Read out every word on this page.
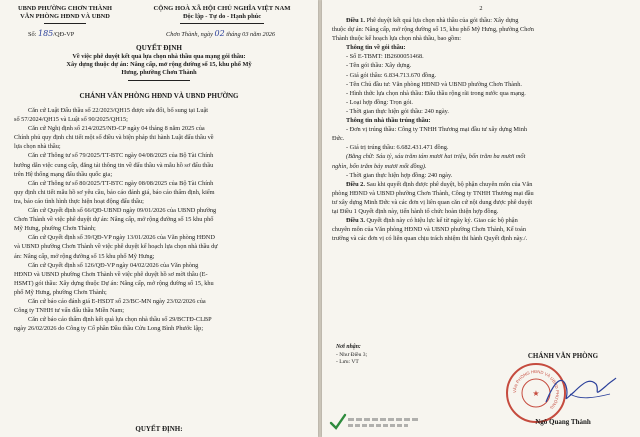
UBND PHƯỜNG CHƠN THÀNH
VĂN PHÒNG HĐND VÀ UBND
CỘNG HOÀ XÃ HỘI CHỦ NGHĨA VIỆT NAM
Độc lập - Tự do - Hạnh phúc
Số: 185/QĐ-VP	Chơn Thành, ngày 02 tháng 03 năm 2026
QUYẾT ĐỊNH
Về việc phê duyệt kết quả lựa chọn nhà thầu qua mạng gói thầu:
Xây dựng thuộc dự án: Nâng cấp, mở rộng đường số 15, khu phố Mỹ
Hưng, phường Chơn Thành
CHÁNH VĂN PHÒNG HĐND VÀ UBND PHƯỜNG
Căn cứ Luật Đấu thầu số 22/2023/QH15 được sửa đổi, bổ sung tại Luật
số 57/2024/QH15 và Luật số 90/2025/QH15;
Căn cứ Nghị định số 214/2025/NĐ-CP ngày 04 tháng 8 năm 2025 của
Chính phủ quy định chi tiết một số điều và biện pháp thi hành Luật đấu thầu về
lựa chọn nhà thầu;
Căn cứ Thông tư số 79/2025/TT-BTC ngày 04/08/2025 của Bộ Tài Chính
hướng dẫn việc cung cấp, đăng tải thông tin về đấu thầu và mẫu hồ sơ đấu thầu
trên Hệ thống mạng đấu thầu quốc gia;
Căn cứ Thông tư số 80/2025/TT-BTC ngày 08/08/2025 của Bộ Tài Chính
quy định chi tiết mẫu hồ sơ yêu cầu, báo cáo đánh giá, báo cáo thẩm định, kiểm
tra, báo cáo tình hình thực hiện hoạt động đấu thầu;
Căn cứ Quyết định số 66/QĐ-UBND ngày 09/01/2026 của UBND phường
Chơn Thành về việc phê duyệt dự án: Nâng cấp, mở rộng đường số 15 khu phố
Mỹ Hưng, phường Chơn Thành;
Căn cứ Quyết định số 39/QĐ-VP ngày 13/01/2026 của Văn phòng HĐND
và UBND phường Chơn Thành về việc phê duyệt kế hoạch lựa chọn nhà thầu dự
án: Nâng cấp, mở rộng đường số 15 khu phố Mỹ Hưng;
Căn cứ Quyết định số 126/QĐ-VP ngày 04/02/2026 của Văn phòng
HĐND và UBND phường Chơn Thành về việc phê duyệt hồ sơ mời thầu (E-
HSMT) gói thầu: Xây dựng thuộc Dự án: Nâng cấp, mở rộng đường số 15, khu
phố Mỹ Hưng, phường Chơn Thành;
Căn cứ báo cáo đánh giá E-HSDT số 23/BC-MN ngày 23/02/2026 của
Công ty TNHH tư vấn đấu thầu Miền Nam;
Căn cứ báo cáo thẩm định kết quả lựa chọn nhà thầu số 29/BCTĐ-CLBP
ngày 26/02/2026 do Công ty Cổ phần Đầu thầu Cửu Long Bình Phước lập;
QUYẾT ĐỊNH:
2
Điều 1. Phê duyệt kết quả lựa chọn nhà thầu của gói thầu: Xây dựng
thuộc dự án: Nâng cấp, mở rộng đường số 15, khu phố Mỹ Hưng, phường Chơn
Thành thuộc kế hoạch lựa chọn nhà thầu, bao gồm:
Thông tin về gói thầu:
- Số E-TBMT: IB2600051468.
- Tên gói thầu: Xây dựng.
- Giá gói thầu: 6.834.713.670 đồng.
- Tên Chủ đầu tư: Văn phòng HĐND và UBND phường Chơn Thành.
- Hình thức lựa chọn nhà thầu: Đấu thầu rộng rãi trong nước qua mạng.
- Loại hợp đồng: Trọn gói.
- Thời gian thực hiện gói thầu: 240 ngày.
Thông tin nhà thầu trúng thầu:
- Đơn vị trúng thầu: Công ty TNHH Thương mại đầu tư xây dựng Minh
Đức.
- Giá trị trúng thầu: 6.682.431.471 đồng.
(Bằng chữ: Sáu tỷ, sáu trăm tám mươi hai triệu, bốn trăm ba mươi mốt
nghìn, bốn trăm bảy mươi mốt đồng).
- Thời gian thực hiện hợp đồng: 240 ngày.
Điều 2. Sau khi quyết định được phê duyệt, bộ phận chuyên môn của Văn
phòng HĐND và UBND phường Chơn Thành, Công ty TNHH Thương mại đầu
tư xây dựng Minh Đức và các đơn vị liên quan căn cứ nội dung được phê duyệt
tại Điều 1 Quyết định này, tiến hành tổ chức hoàn thiện hợp đồng.
Điều 3. Quyết định này có hiệu lực kể từ ngày ký. Giao các bộ phận
chuyên môn của Văn phòng HĐND và UBND phường Chơn Thành, Kế toán
trưởng và các đơn vị có liên quan chịu trách nhiệm thi hành Quyết định này./.
Nơi nhận:
- Như Điều 3;
- Lưu: VT
CHÁNH VĂN PHÒNG
VĂN PHÒNG HĐND VÀ UBND PHƯỜNG
★
Ngô Quang Thành
